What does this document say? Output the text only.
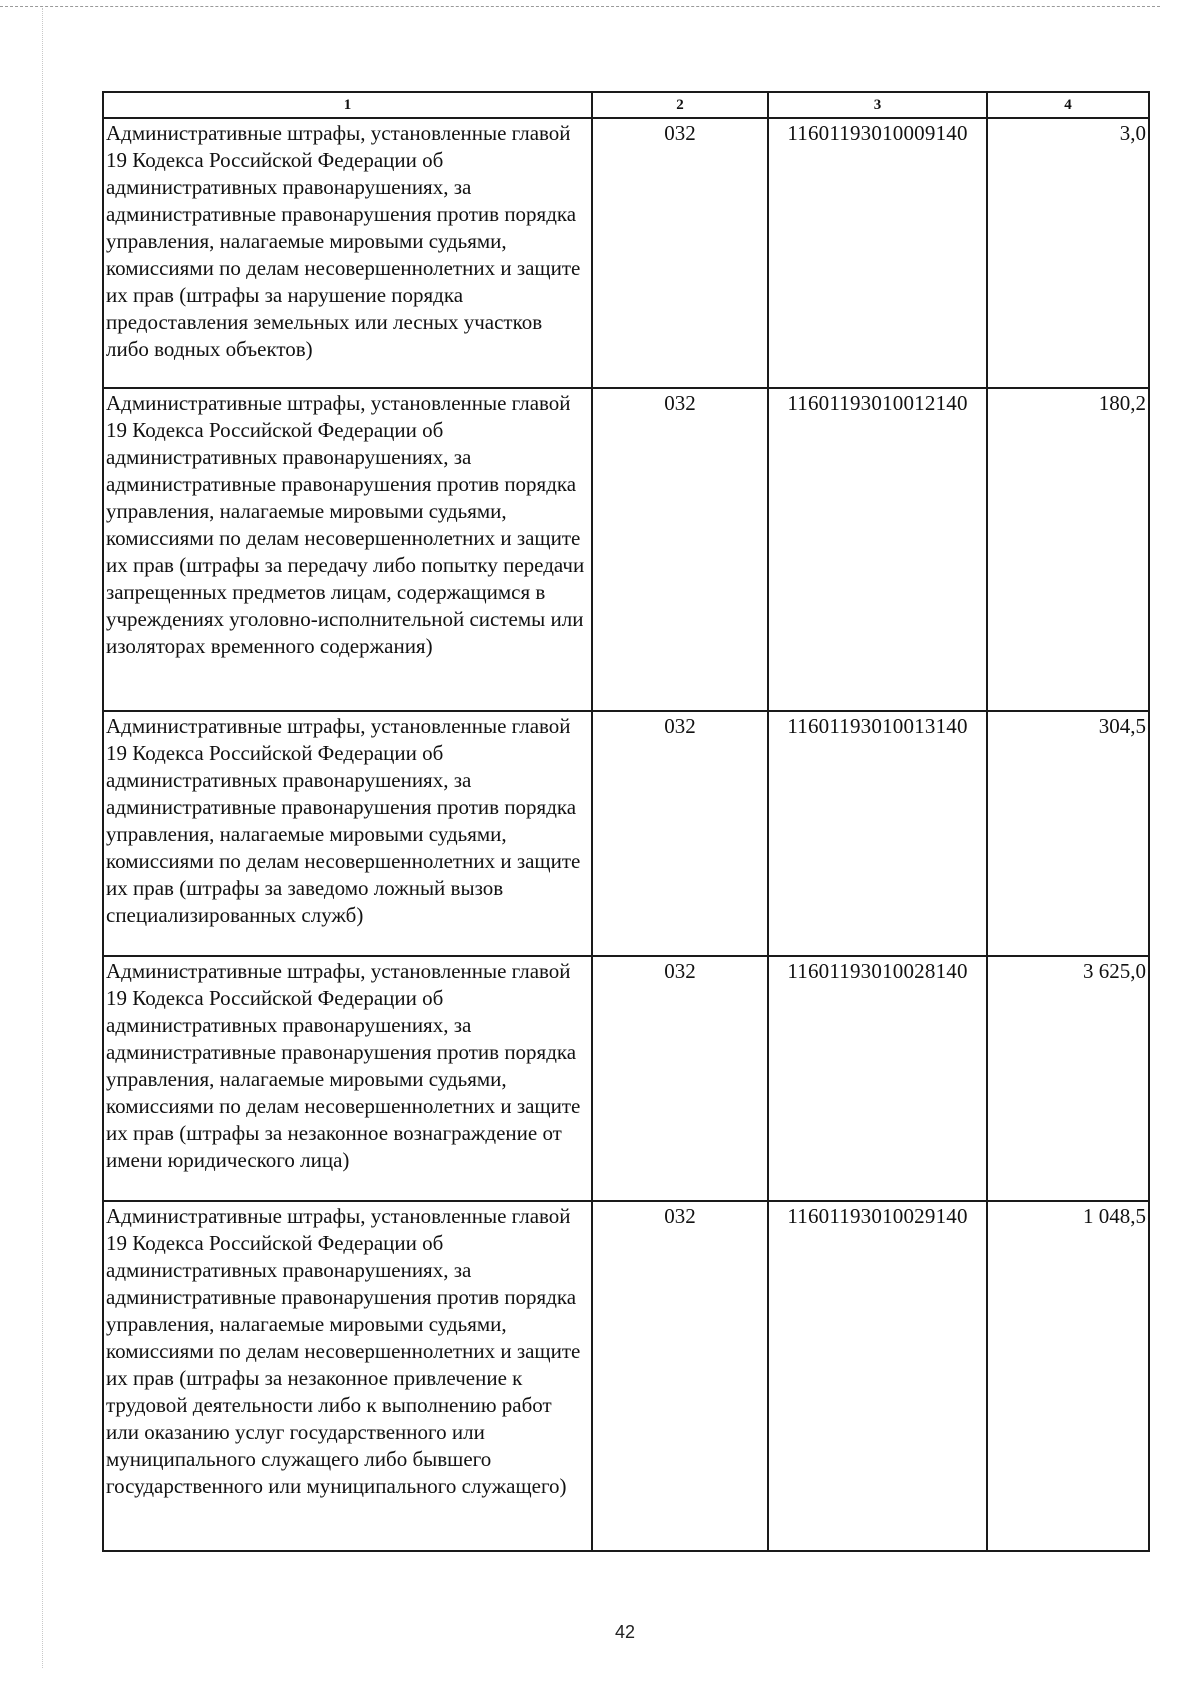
1	2	3	4
Административные штрафы, установленные главой 19 Кодекса Российской Федерации об административных правонарушениях, за административные правонарушения против порядка управления, налагаемые мировыми судьями, комиссиями по делам несовершеннолетних и защите их прав (штрафы за нарушение порядка предоставления земельных или лесных участков либо водных объектов)	032	11601193010009140	3,0
Административные штрафы, установленные главой 19 Кодекса Российской Федерации об административных правонарушениях, за административные правонарушения против порядка управления, налагаемые мировыми судьями, комиссиями по делам несовершеннолетних и защите их прав (штрафы за передачу либо попытку передачи запрещенных предметов лицам, содержащимся в учреждениях уголовно-исполнительной системы или изоляторах временного содержания)	032	11601193010012140	180,2
Административные штрафы, установленные главой 19 Кодекса Российской Федерации об административных правонарушениях, за административные правонарушения против порядка управления, налагаемые мировыми судьями, комиссиями по делам несовершеннолетних и защите их прав (штрафы за заведомо ложный вызов специализированных служб)	032	11601193010013140	304,5
Административные штрафы, установленные главой 19 Кодекса Российской Федерации об административных правонарушениях, за административные правонарушения против порядка управления, налагаемые мировыми судьями, комиссиями по делам несовершеннолетних и защите их прав (штрафы за незаконное вознаграждение от имени юридического лица)	032	11601193010028140	3 625,0
Административные штрафы, установленные главой 19 Кодекса Российской Федерации об административных правонарушениях, за административные правонарушения против порядка управления, налагаемые мировыми судьями, комиссиями по делам несовершеннолетних и защите их прав (штрафы за незаконное привлечение к трудовой деятельности либо к выполнению работ или оказанию услуг государственного или муниципального служащего либо бывшего государственного или муниципального служащего)	032	11601193010029140	1 048,5
42
